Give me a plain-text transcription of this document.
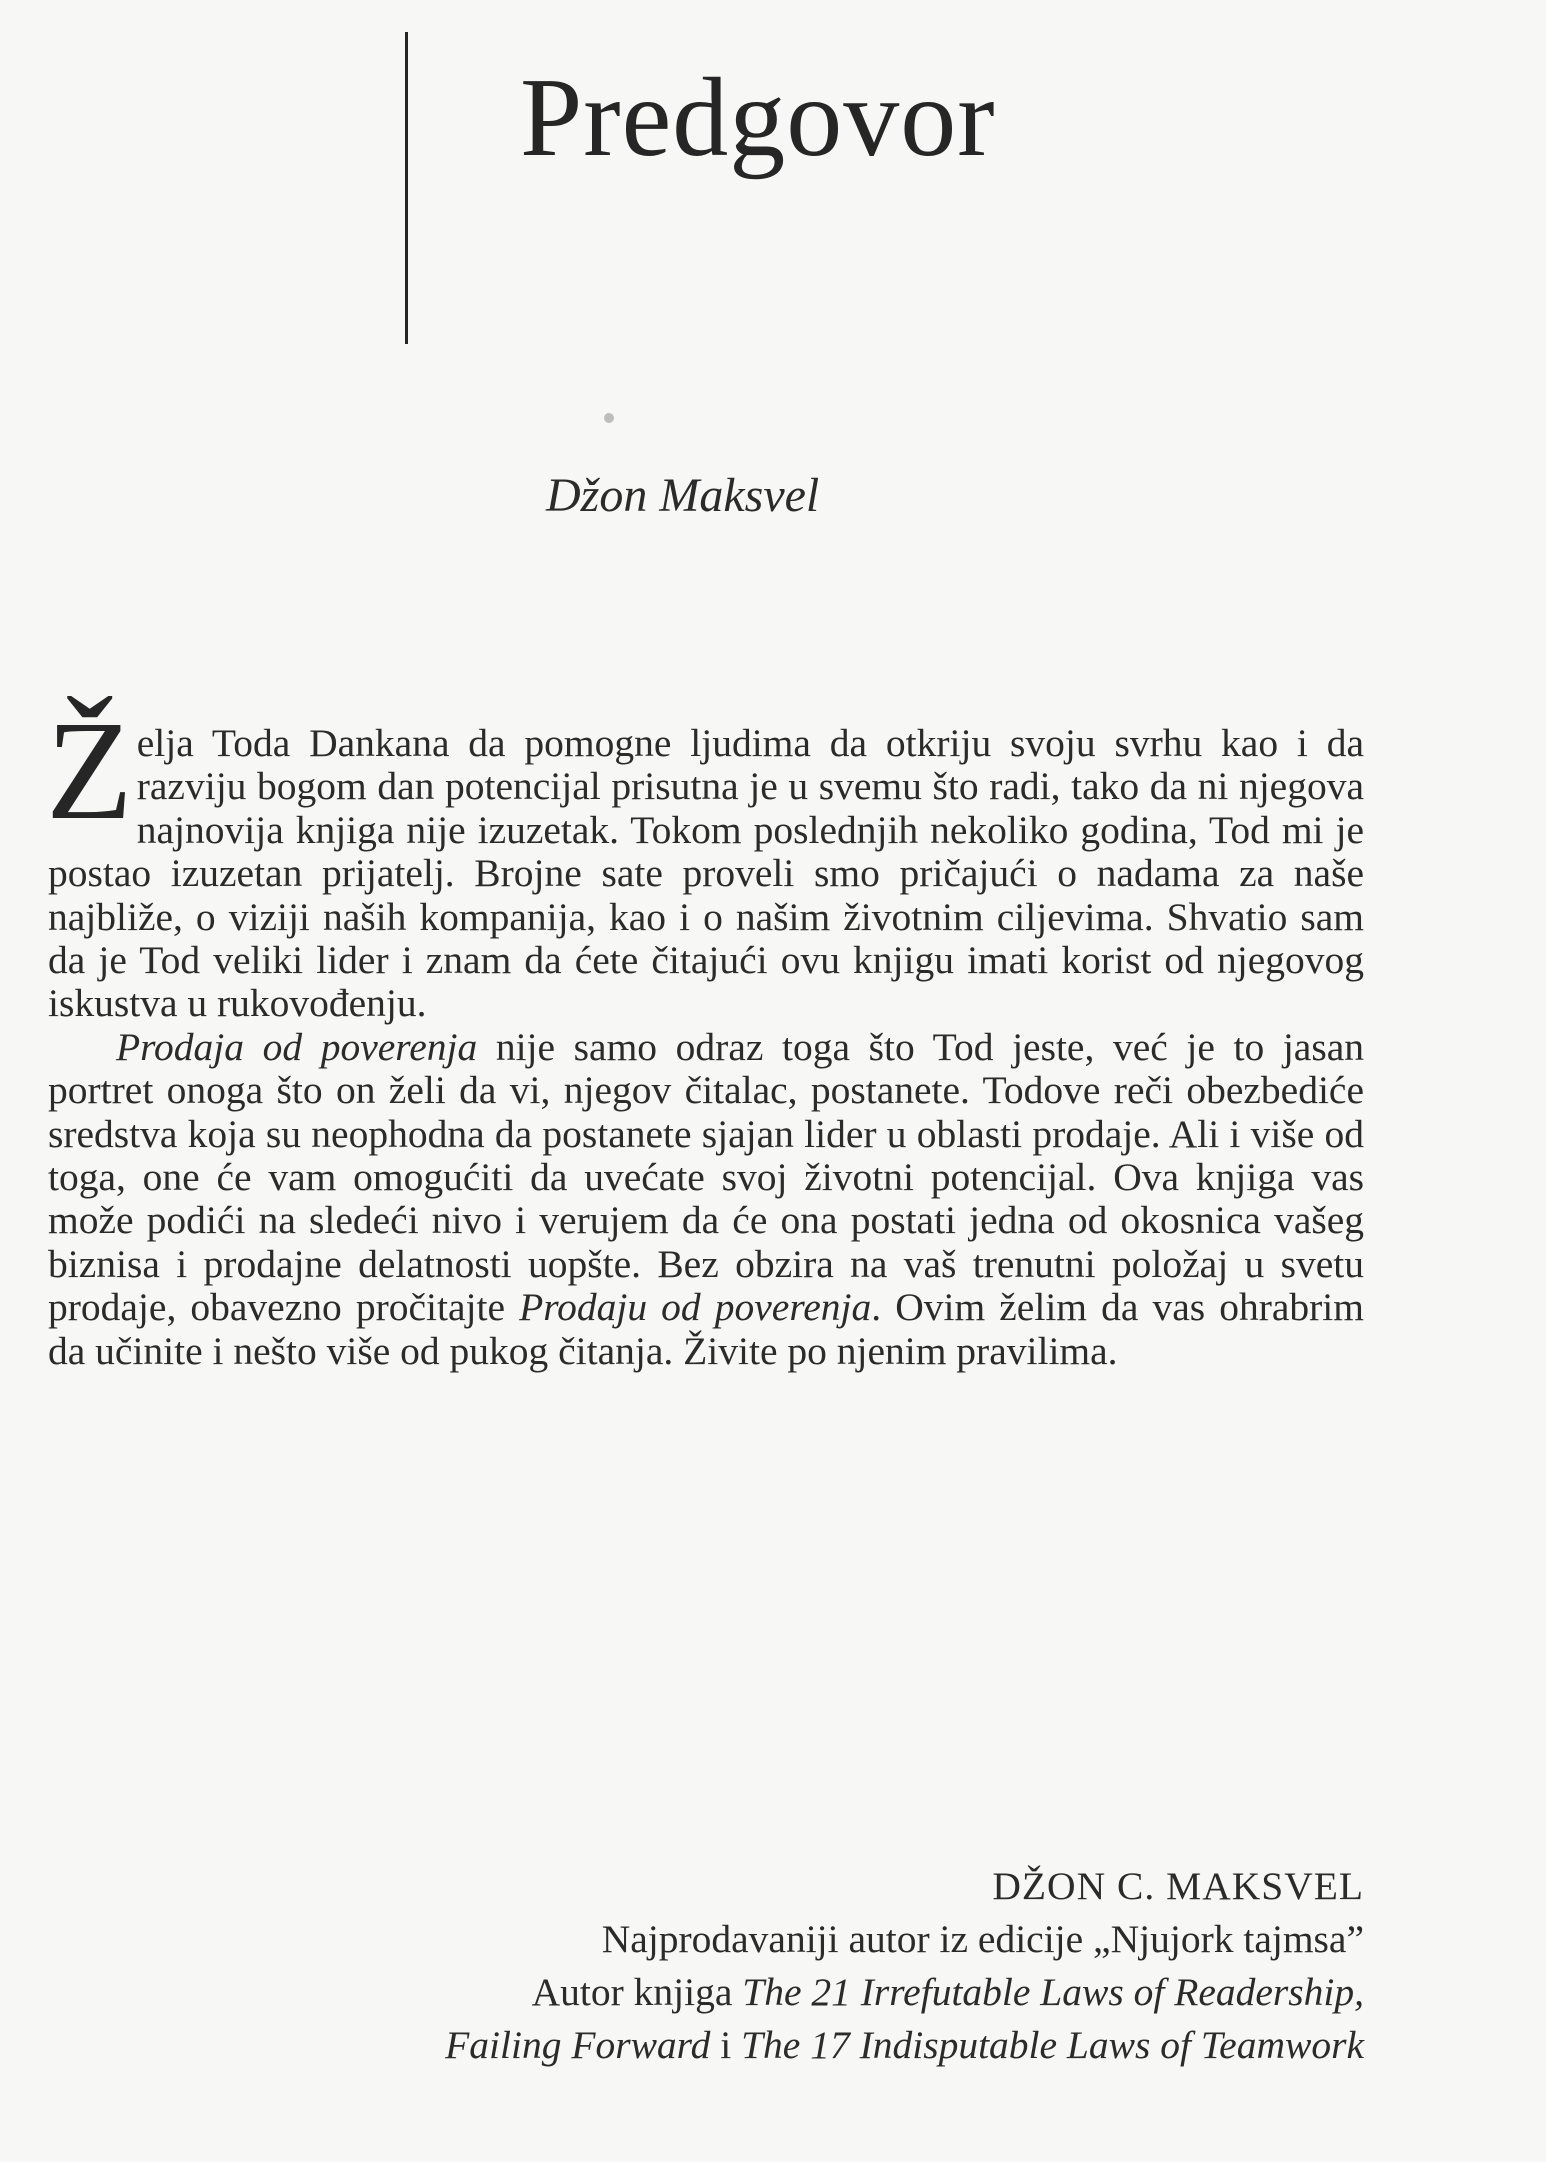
Predgovor
Džon Maksvel

Želja Toda Dankana da pomogne ljudima da otkriju svoju svrhu kao i da razviju bogom dan potencijal prisutna je u svemu što radi, tako da ni njegova najnovija knjiga nije izuzetak. Tokom poslednjih nekoliko godina, Tod mi je postao izuzetan prijatelj. Brojne sate proveli smo pričajući o nadama za naše najbliže, o viziji naših kompanija, kao i o našim životnim ciljevima. Shvatio sam da je Tod veliki lider i znam da ćete čitajući ovu knjigu imati korist od njegovog iskustva u rukovođenju.

Prodaja od poverenja nije samo odraz toga što Tod jeste, već je to jasan portret onoga što on želi da vi, njegov čitalac, postanete. Todove reči obezbediće sredstva koja su neophodna da postanete sjajan lider u oblasti prodaje. Ali i više od toga, one će vam omogućiti da uvećate svoj životni potencijal. Ova knjiga vas može podići na sledeći nivo i verujem da će ona postati jedna od okosnica vašeg biznisa i prodajne delatnosti uopšte. Bez obzira na vaš trenutni položaj u svetu prodaje, obavezno pročitajte Prodaju od poverenja. Ovim želim da vas ohrabrim da učinite i nešto više od pukog čitanja. Živite po njenim pravilima.

DŽON C. MAKSVEL
Najprodavaniji autor iz edicije „Njujork tajmsa”
Autor knjiga The 21 Irrefutable Laws of Readership,
Failing Forward i The 17 Indisputable Laws of Teamwork
